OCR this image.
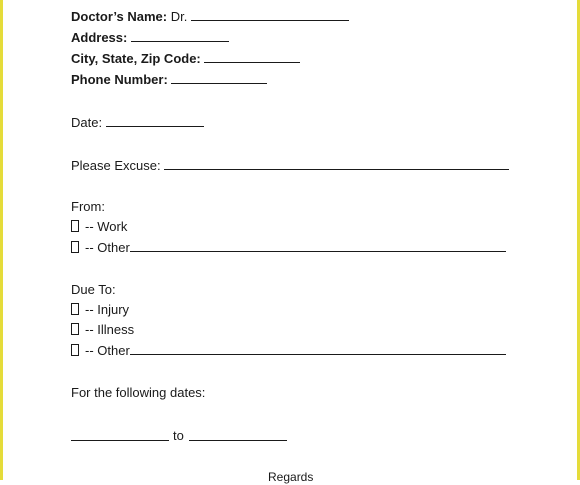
Doctor’s Name: Dr.
Address:
City, State, Zip Code:
Phone Number:
Date:
Please Excuse:
From:
-- Work
-- Other
Due To:
-- Injury
-- Illness
-- Other
For the following dates:
to
Regards
